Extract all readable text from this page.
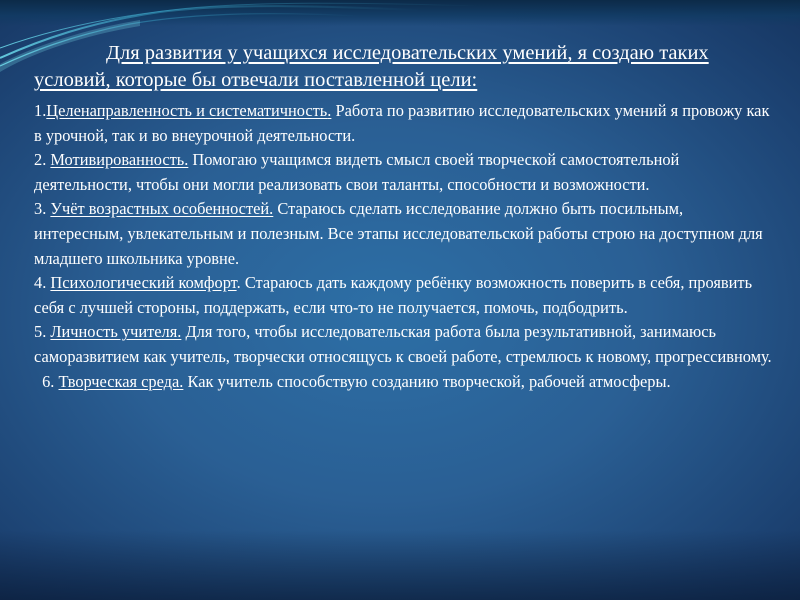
Для развития у учащихся исследовательских умений, я создаю таких условий, которые бы отвечали поставленной цели:

1.Целенаправленность и систематичность. Работа по развитию исследовательских умений я провожу как в урочной, так и во внеурочной деятельности.

2. Мотивированность. Помогаю учащимся видеть смысл своей творческой самостоятельной деятельности, чтобы они могли реализовать свои таланты, способности и возможности.

3. Учёт возрастных особенностей. Стараюсь сделать исследование должно быть посильным, интересным, увлекательным и полезным. Все этапы исследовательской работы строю на доступном для младшего школьника уровне.

4. Психологический комфорт. Стараюсь дать каждому ребёнку возможность поверить в себя, проявить себя с лучшей стороны, поддержать, если что-то не получается, помочь, подбодрить.

5. Личность учителя. Для того, чтобы исследовательская работа была результативной, занимаюсь саморазвитием как учитель, творчески относящусь к своей работе, стремлюсь к новому, прогрессивному.

6. Творческая среда. Как учитель способствую созданию творческой, рабочей атмосферы.
